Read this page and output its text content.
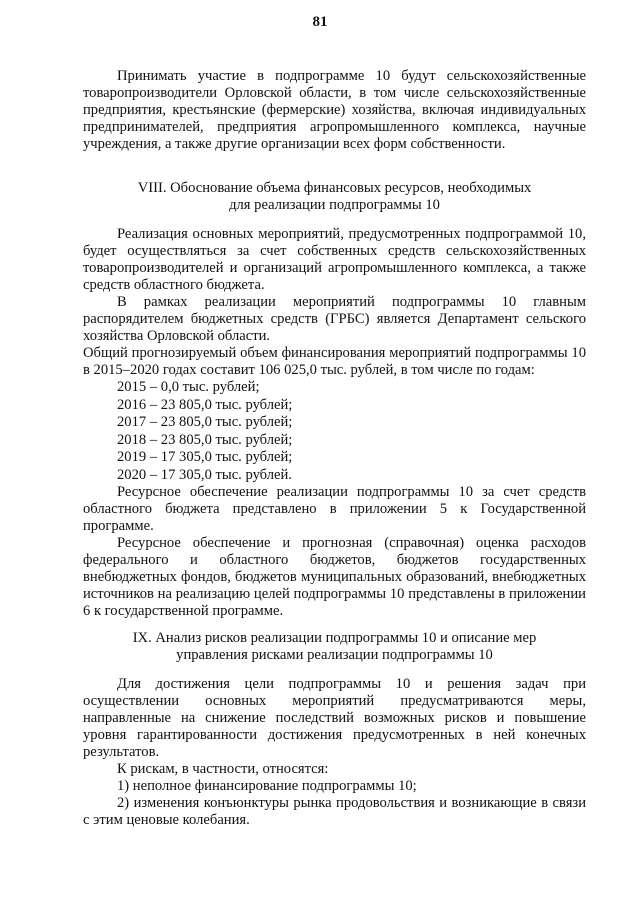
81

Принимать участие в подпрограмме 10 будут сельскохозяйственные товаропроизводители Орловской области, в том числе сельскохозяйственные предприятия, крестьянские (фермерские) хозяйства, включая индивидуальных предпринимателей, предприятия агропромышленного комплекса, научные учреждения, а также другие организации всех форм собственности.

VIII. Обоснование объема финансовых ресурсов, необходимых

для реализации подпрограммы 10

Реализация основных мероприятий, предусмотренных подпрограммой 10, будет осуществляться за счет собственных средств сельскохозяйственных товаропроизводителей и организаций агропромышленного комплекса, а также средств областного бюджета.

В рамках реализации мероприятий подпрограммы 10 главным распорядителем бюджетных средств (ГРБС) является Департамент сельского хозяйства Орловской области.

Общий прогнозируемый объем финансирования мероприятий подпрограммы 10 в 2015–2020 годах составит 106 025,0 тыс. рублей, в том числе по годам:

2015 – 0,0 тыс. рублей;

2016 – 23 805,0 тыс. рублей;

2017 – 23 805,0 тыс. рублей;

2018 – 23 805,0 тыс. рублей;

2019 – 17 305,0 тыс. рублей;

2020 – 17 305,0 тыс. рублей.

Ресурсное обеспечение реализации подпрограммы 10 за счет средств областного бюджета представлено в приложении 5 к Государственной программе.

Ресурсное обеспечение и прогнозная (справочная) оценка расходов федерального и областного бюджетов, бюджетов государственных внебюджетных фондов, бюджетов муниципальных образований, внебюджетных источников на реализацию целей подпрограммы 10 представлены в приложении 6 к государственной программе.

IX. Анализ рисков реализации подпрограммы 10 и описание мер

управления рисками реализации подпрограммы 10

Для достижения цели подпрограммы 10 и решения задач при осуществлении основных мероприятий предусматриваются меры, направленные на снижение последствий возможных рисков и повышение уровня гарантированности достижения предусмотренных в ней конечных результатов.

К рискам, в частности, относятся:

1) неполное финансирование подпрограммы 10;

2) изменения конъюнктуры рынка продовольствия и возникающие в связи с этим ценовые колебания.
